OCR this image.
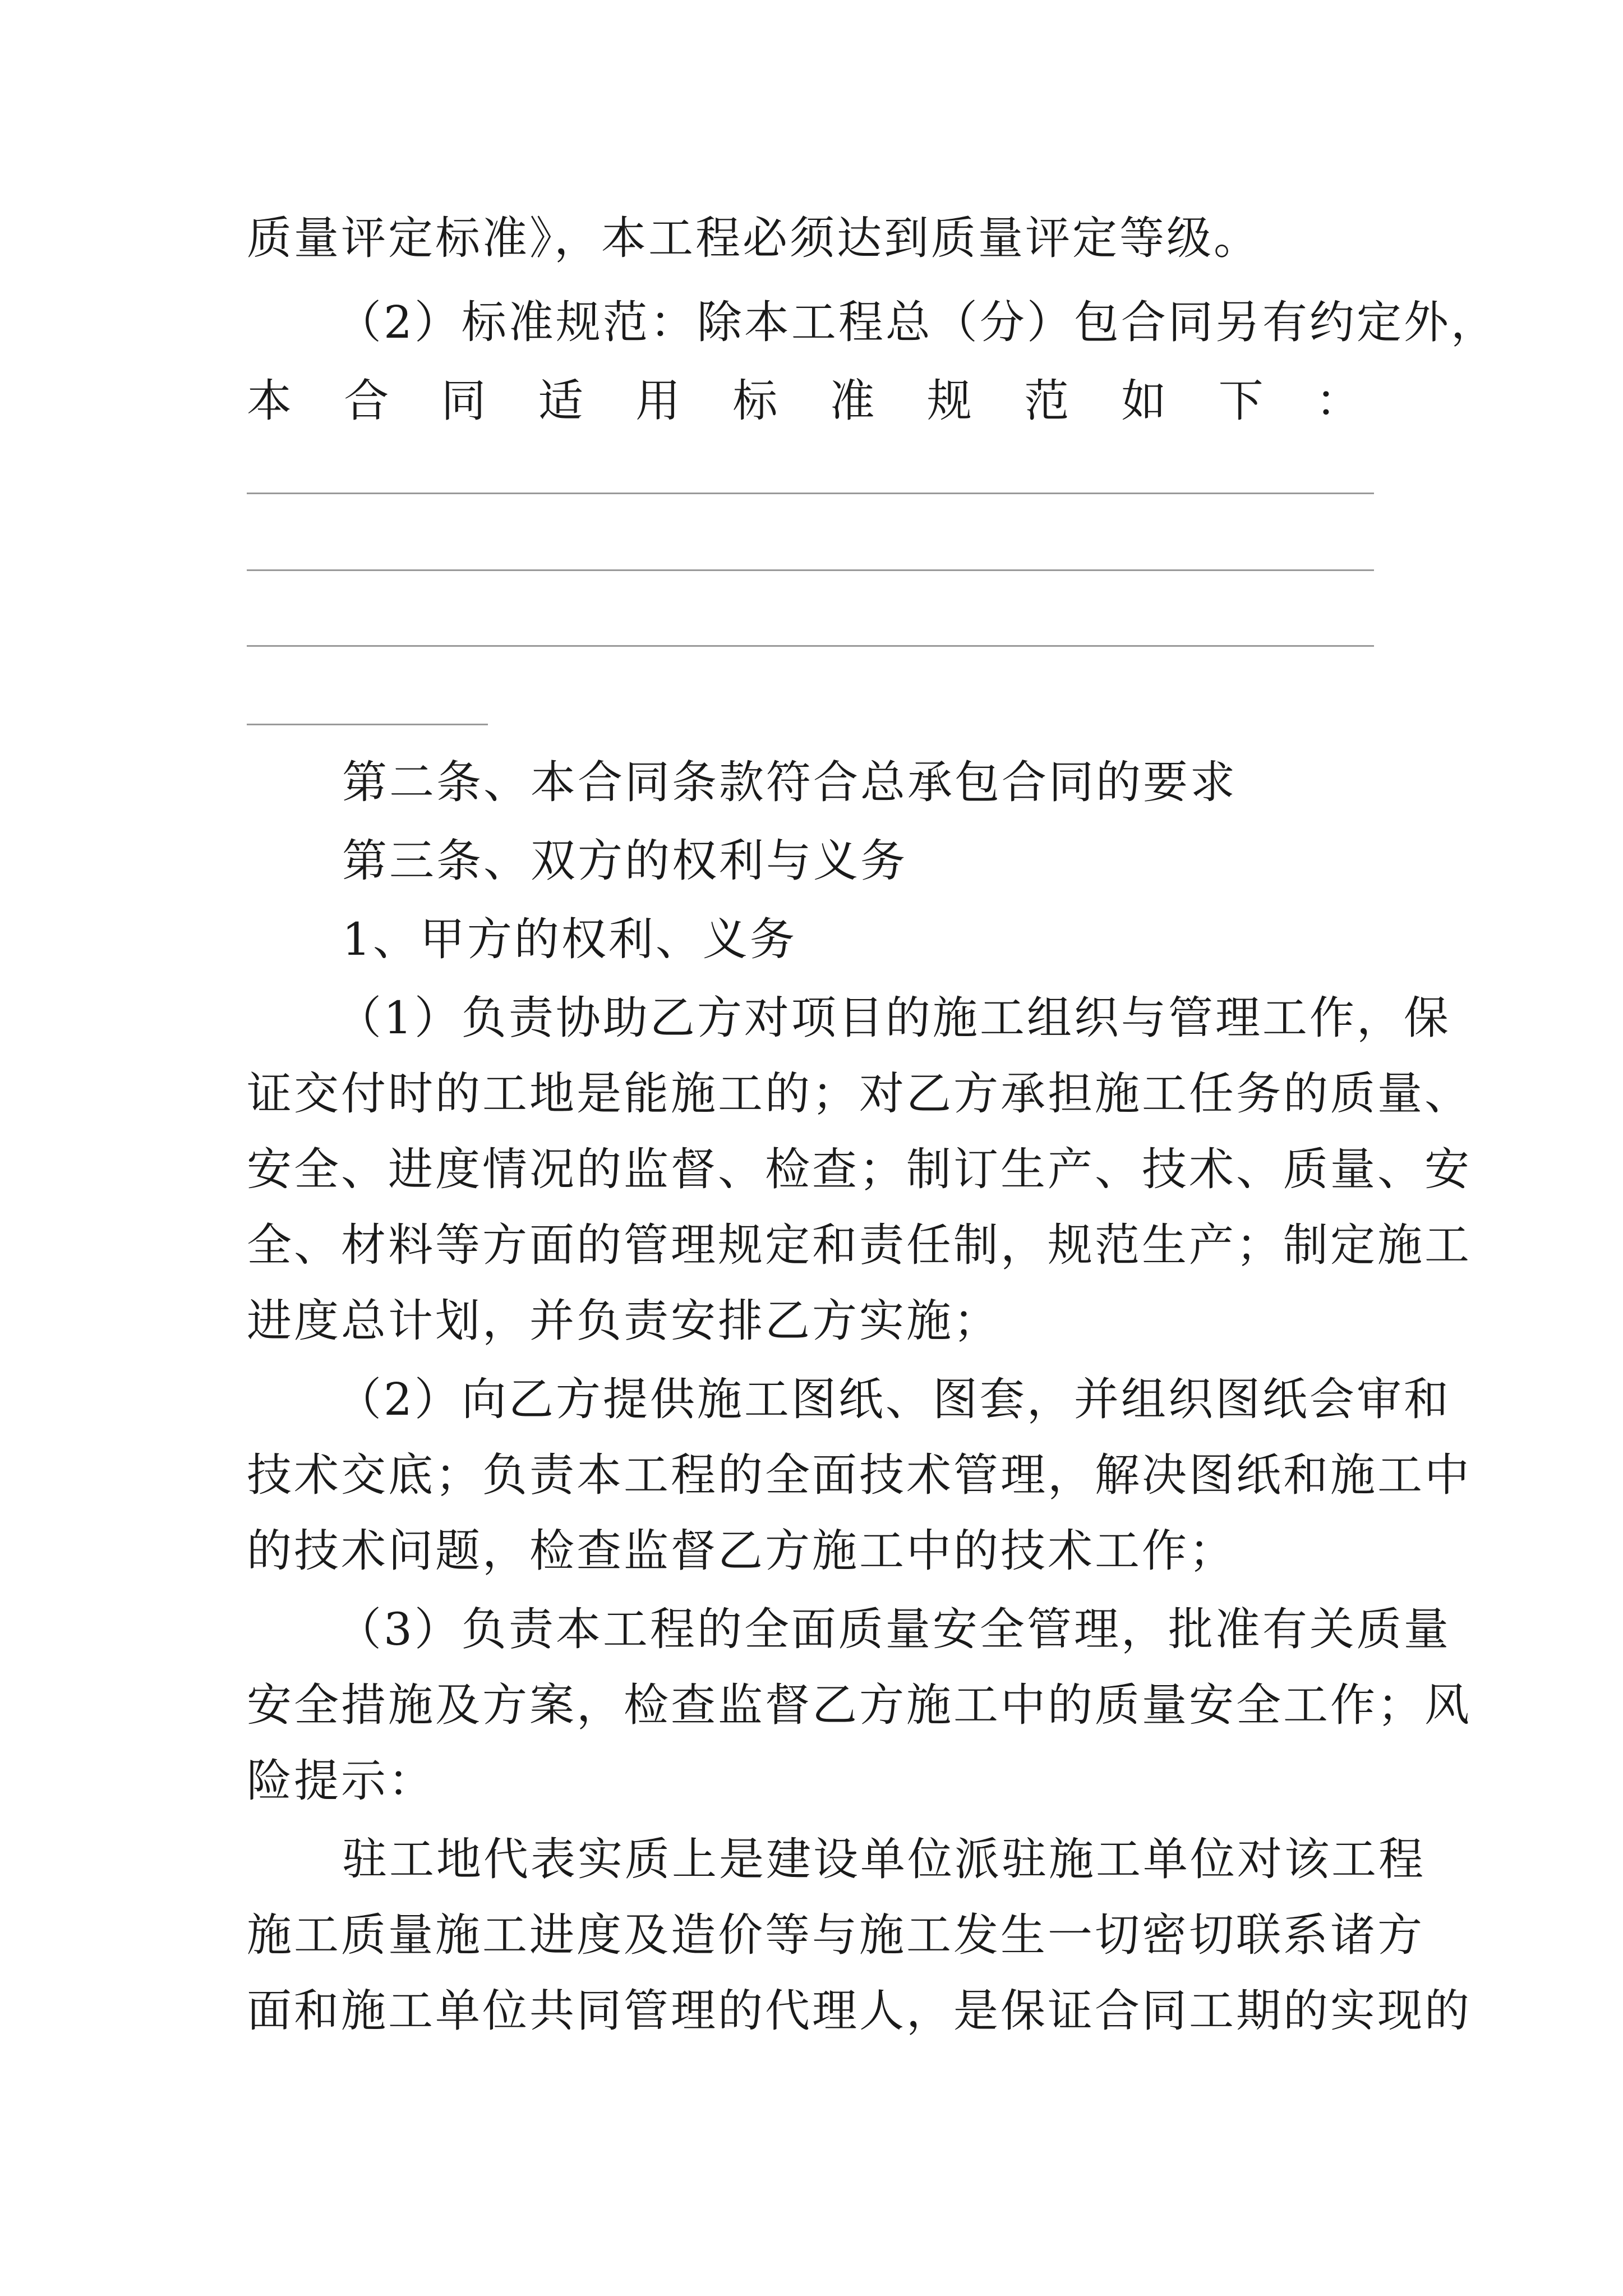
质量评定标准》，本工程必须达到质量评定等级。
（2）标准规范：除本工程总（分）包合同另有约定外，
本 合 同 适 用 标 准 规 范 如 下 ：
第二条、本合同条款符合总承包合同的要求
第三条、双方的权利与义务
1、甲方的权利、义务
（1）负责协助乙方对项目的施工组织与管理工作，保
证交付时的工地是能施工的；对乙方承担施工任务的质量、
安全、进度情况的监督、检查；制订生产、技术、质量、安
全、材料等方面的管理规定和责任制，规范生产；制定施工
进度总计划，并负责安排乙方实施；
（2）向乙方提供施工图纸、图套，并组织图纸会审和
技术交底；负责本工程的全面技术管理，解决图纸和施工中
的技术问题，检查监督乙方施工中的技术工作；
（3）负责本工程的全面质量安全管理，批准有关质量
安全措施及方案，检查监督乙方施工中的质量安全工作；风
险提示：
驻工地代表实质上是建设单位派驻施工单位对该工程
施工质量施工进度及造价等与施工发生一切密切联系诸方
面和施工单位共同管理的代理人，是保证合同工期的实现的
